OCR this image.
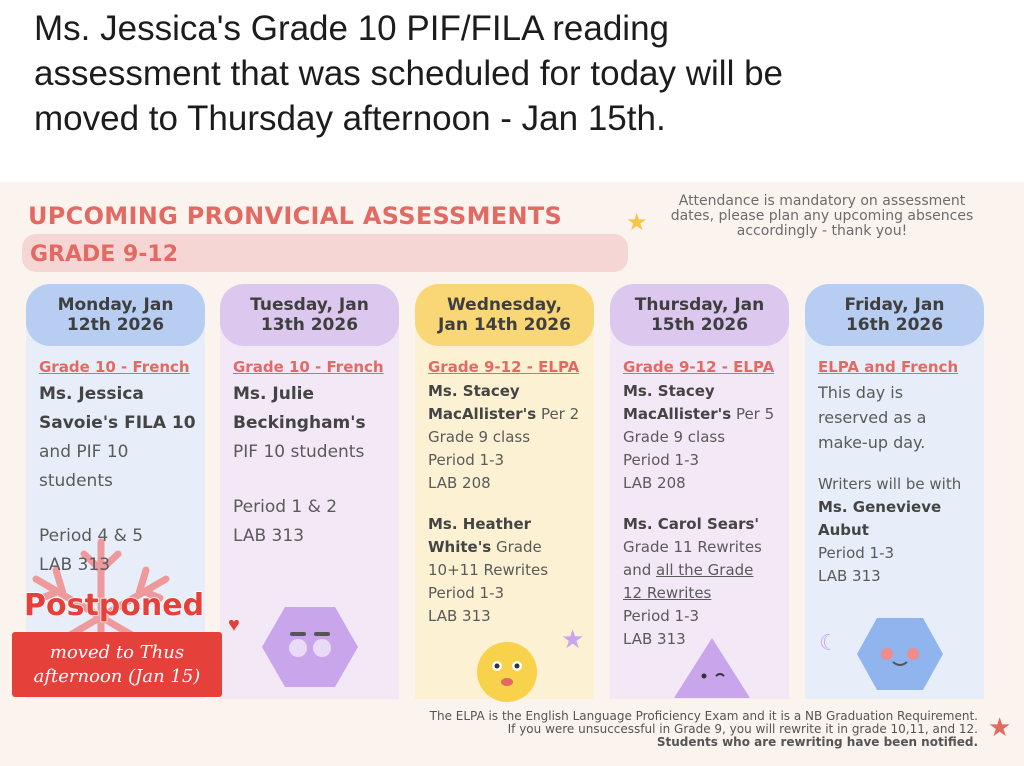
Ms. Jessica's Grade 10 PIF/FILA reading
assessment that was scheduled for today will be
moved to Thursday afternoon - Jan 15th.
UPCOMING PRONVICIAL ASSESSMENTS
GRADE 9-12
★
Attendance is mandatory on assessment
dates, please plan any upcoming absences
accordingly - thank you!
Monday, Jan
12th 2026
Grade 10 - French
Ms. Jessica
Savoie's FILA 10
and PIF 10
students
Period 4 & 5
LAB 313
Tuesday, Jan
13th 2026
Grade 10 - French
Ms. Julie
Beckingham's
PIF 10 students
Period 1 & 2
LAB 313
♥
Wednesday,
Jan 14th 2026
Grade 9-12 - ELPA
Ms. Stacey
MacAllister's Per 2
Grade 9 class
Period 1-3
LAB 208
Ms. Heather
White's Grade
10+11 Rewrites
Period 1-3
LAB 313
★
Thursday, Jan
15th 2026
Grade 9-12 - ELPA
Ms. Stacey
MacAllister's Per 5
Grade 9 class
Period 1-3
LAB 208
Ms. Carol Sears'
Grade 11 Rewrites
and all the Grade
12 Rewrites
Period 1-3
LAB 313
Friday, Jan
16th 2026
ELPA and French
This day is
reserved as a
make-up day.
Writers will be with
Ms. Genevieve
Aubut
Period 1-3
LAB 313
☾
Postponed
moved to Thus
afternoon (Jan 15)
The ELPA is the English Language Proficiency Exam and it is a NB Graduation Requirement.
If you were unsuccessful in Grade 9, you will rewrite it in grade 10,11, and 12.
Students who are rewriting have been notified. ★
